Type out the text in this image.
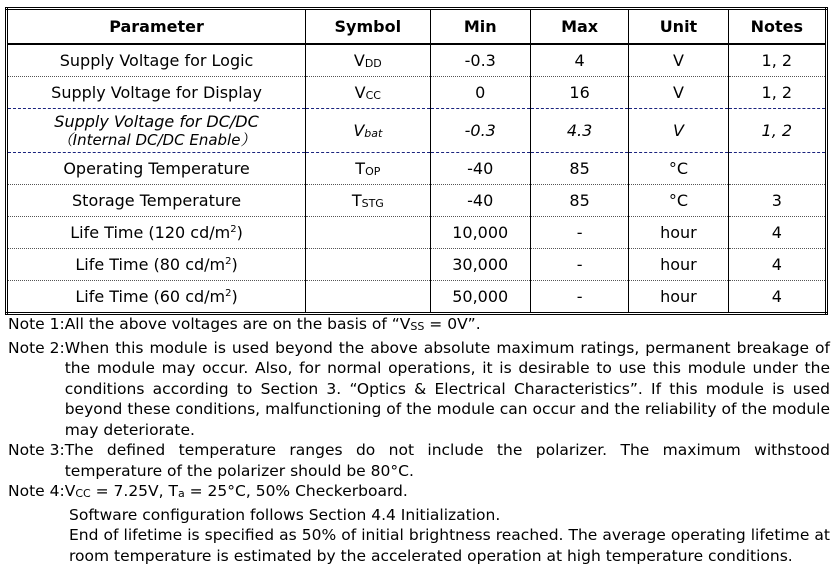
Parameter	Symbol	Min	Max	Unit	Notes
Supply Voltage for Logic	VDD	-0.3	4	V	1, 2
Supply Voltage for Display	VCC	0	16	V	1, 2

Supply Voltage for DC/DC
（Internal DC/DC Enable）	Vbat	-0.3	4.3	V	1, 2
Operating Temperature	TOP	-40	85	°C	
Storage Temperature	TSTG	-40	85	°C	3
Life Time (120 $cd/m^2$)		10,000	-	hour	4
Life Time (80 $cd/m^2$)		30,000	-	hour	4
Life Time (60 $cd/m^2$)		50,000	-	hour	4
Note 1: All the above voltages are on the basis of “VSS = 0V”.
Note 2: When this module is used beyond the above absolute maximum ratings, permanent breakage of the module may occur. Also, for normal operations, it is desirable to use this module under the conditions according to Section 3. “Optics & Electrical Characteristics”. If this module is used beyond these conditions, malfunctioning of the module can occur and the reliability of the module may deteriorate.
Note 3: The defined temperature ranges do not include the polarizer. The maximum withstood temperature of the polarizer should be 80°C.
Note 4: VCC = 7.25V, Ta = 25°C, 50% Checkerboard.
Software configuration follows Section 4.4 Initialization.
End of lifetime is specified as 50% of initial brightness reached. The average operating lifetime at room temperature is estimated by the accelerated operation at high temperature conditions.
